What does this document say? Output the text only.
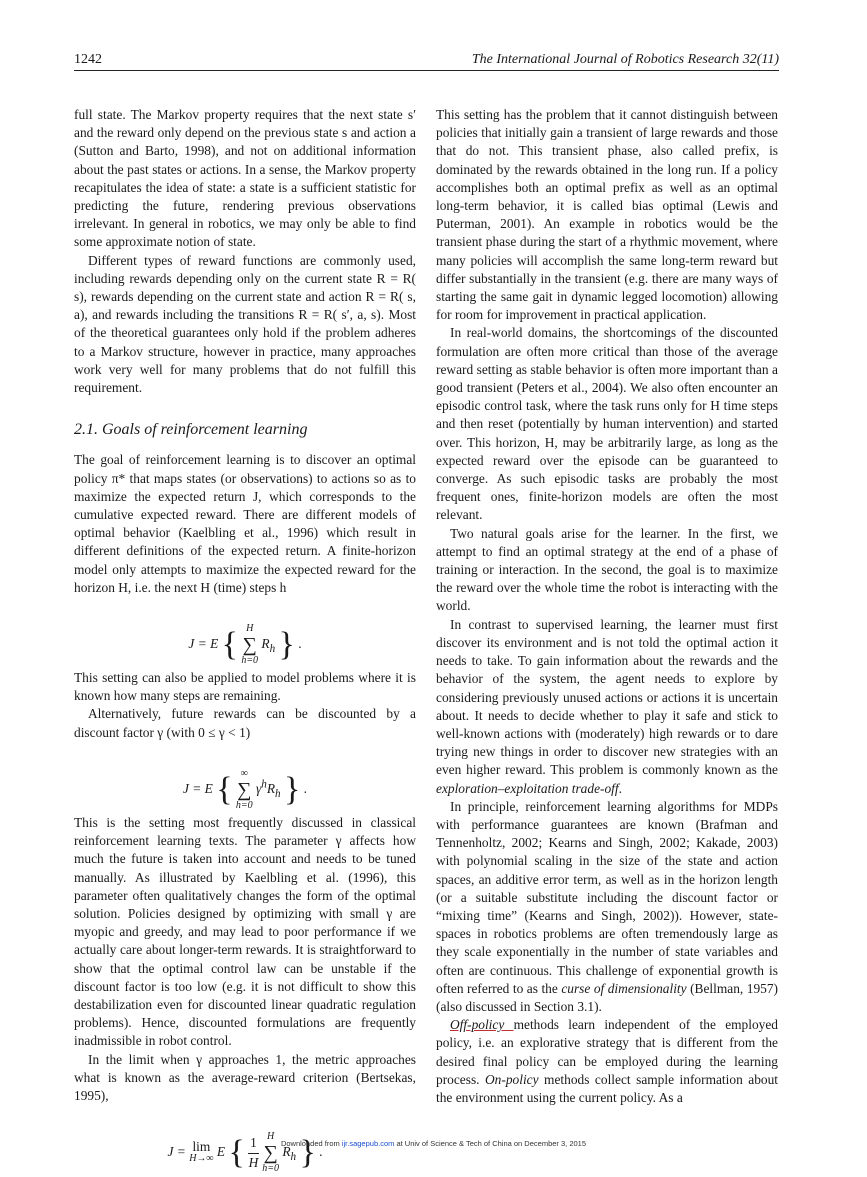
1242	The International Journal of Robotics Research 32(11)

full state. The Markov property requires that the next state s′ and the reward only depend on the previous state s and action a (Sutton and Barto, 1998), and not on additional information about the past states or actions. In a sense, the Markov property recapitulates the idea of state: a state is a sufficient statistic for predicting the future, rendering previous observations irrelevant. In general in robotics, we may only be able to find some approximate notion of state.

Different types of reward functions are commonly used, including rewards depending only on the current state R = R( s), rewards depending on the current state and action R = R( s, a), and rewards including the transitions R = R( s′, a, s). Most of the theoretical guarantees only hold if the problem adheres to a Markov structure, however in practice, many approaches work very well for many problems that do not fulfill this requirement.

2.1. Goals of reinforcement learning

The goal of reinforcement learning is to discover an optimal policy π* that maps states (or observations) to actions so as to maximize the expected return J, which corresponds to the cumulative expected reward. There are different models of optimal behavior (Kaelbling et al., 1996) which result in different definitions of the expected return. A finite-horizon model only attempts to maximize the expected reward for the horizon H, i.e. the next H (time) steps h

J = E { H
∑
h=0
$R_h$ } .

This setting can also be applied to model problems where it is known how many steps are remaining.

Alternatively, future rewards can be discounted by a discount factor γ (with 0 ≤ γ < 1)

J = E { ∞
∑
h=0
$\gamma^hR_h$ } .

This is the setting most frequently discussed in classical reinforcement learning texts. The parameter γ affects how much the future is taken into account and needs to be tuned manually. As illustrated by Kaelbling et al. (1996), this parameter often qualitatively changes the form of the optimal solution. Policies designed by optimizing with small γ are myopic and greedy, and may lead to poor performance if we actually care about longer-term rewards. It is straightforward to show that the optimal control law can be unstable if the discount factor is too low (e.g. it is not difficult to show this destabilization even for discounted linear quadratic regulation problems). Hence, discounted formulations are frequently inadmissible in robot control.

In the limit when γ approaches 1, the metric approaches what is known as the average-reward criterion (Bertsekas, 1995),

J = lim
H→∞ E { $\frac{1}{H}$
H
∑
h=0
$R_h$ } .

This setting has the problem that it cannot distinguish between policies that initially gain a transient of large rewards and those that do not. This transient phase, also called prefix, is dominated by the rewards obtained in the long run. If a policy accomplishes both an optimal prefix as well as an optimal long-term behavior, it is called bias optimal (Lewis and Puterman, 2001). An example in robotics would be the transient phase during the start of a rhythmic movement, where many policies will accomplish the same long-term reward but differ substantially in the transient (e.g. there are many ways of starting the same gait in dynamic legged locomotion) allowing for room for improvement in practical application.

In real-world domains, the shortcomings of the discounted formulation are often more critical than those of the average reward setting as stable behavior is often more important than a good transient (Peters et al., 2004). We also often encounter an episodic control task, where the task runs only for H time steps and then reset (potentially by human intervention) and started over. This horizon, H, may be arbitrarily large, as long as the expected reward over the episode can be guaranteed to converge. As such episodic tasks are probably the most frequent ones, finite-horizon models are often the most relevant.

Two natural goals arise for the learner. In the first, we attempt to find an optimal strategy at the end of a phase of training or interaction. In the second, the goal is to maximize the reward over the whole time the robot is interacting with the world.

In contrast to supervised learning, the learner must first discover its environment and is not told the optimal action it needs to take. To gain information about the rewards and the behavior of the system, the agent needs to explore by considering previously unused actions or actions it is uncertain about. It needs to decide whether to play it safe and stick to well-known actions with (moderately) high rewards or to dare trying new things in order to discover new strategies with an even higher reward. This problem is commonly known as the exploration–exploitation trade-off.

In principle, reinforcement learning algorithms for MDPs with performance guarantees are known (Brafman and Tennenholtz, 2002; Kearns and Singh, 2002; Kakade, 2003) with polynomial scaling in the size of the state and action spaces, an additive error term, as well as in the horizon length (or a suitable substitute including the discount factor or “mixing time” (Kearns and Singh, 2002)). However, state-spaces in robotics problems are often tremendously large as they scale exponentially in the number of state variables and often are continuous. This challenge of exponential growth is often referred to as the curse of dimensionality (Bellman, 1957) (also discussed in Section 3.1).

Off-policy methods learn independent of the employed policy, i.e. an explorative strategy that is different from the desired final policy can be employed during the learning process. On-policy methods collect sample information about the environment using the current policy. As a

Downloaded from ijr.sagepub.com at Univ of Science & Tech of China on December 3, 2015
